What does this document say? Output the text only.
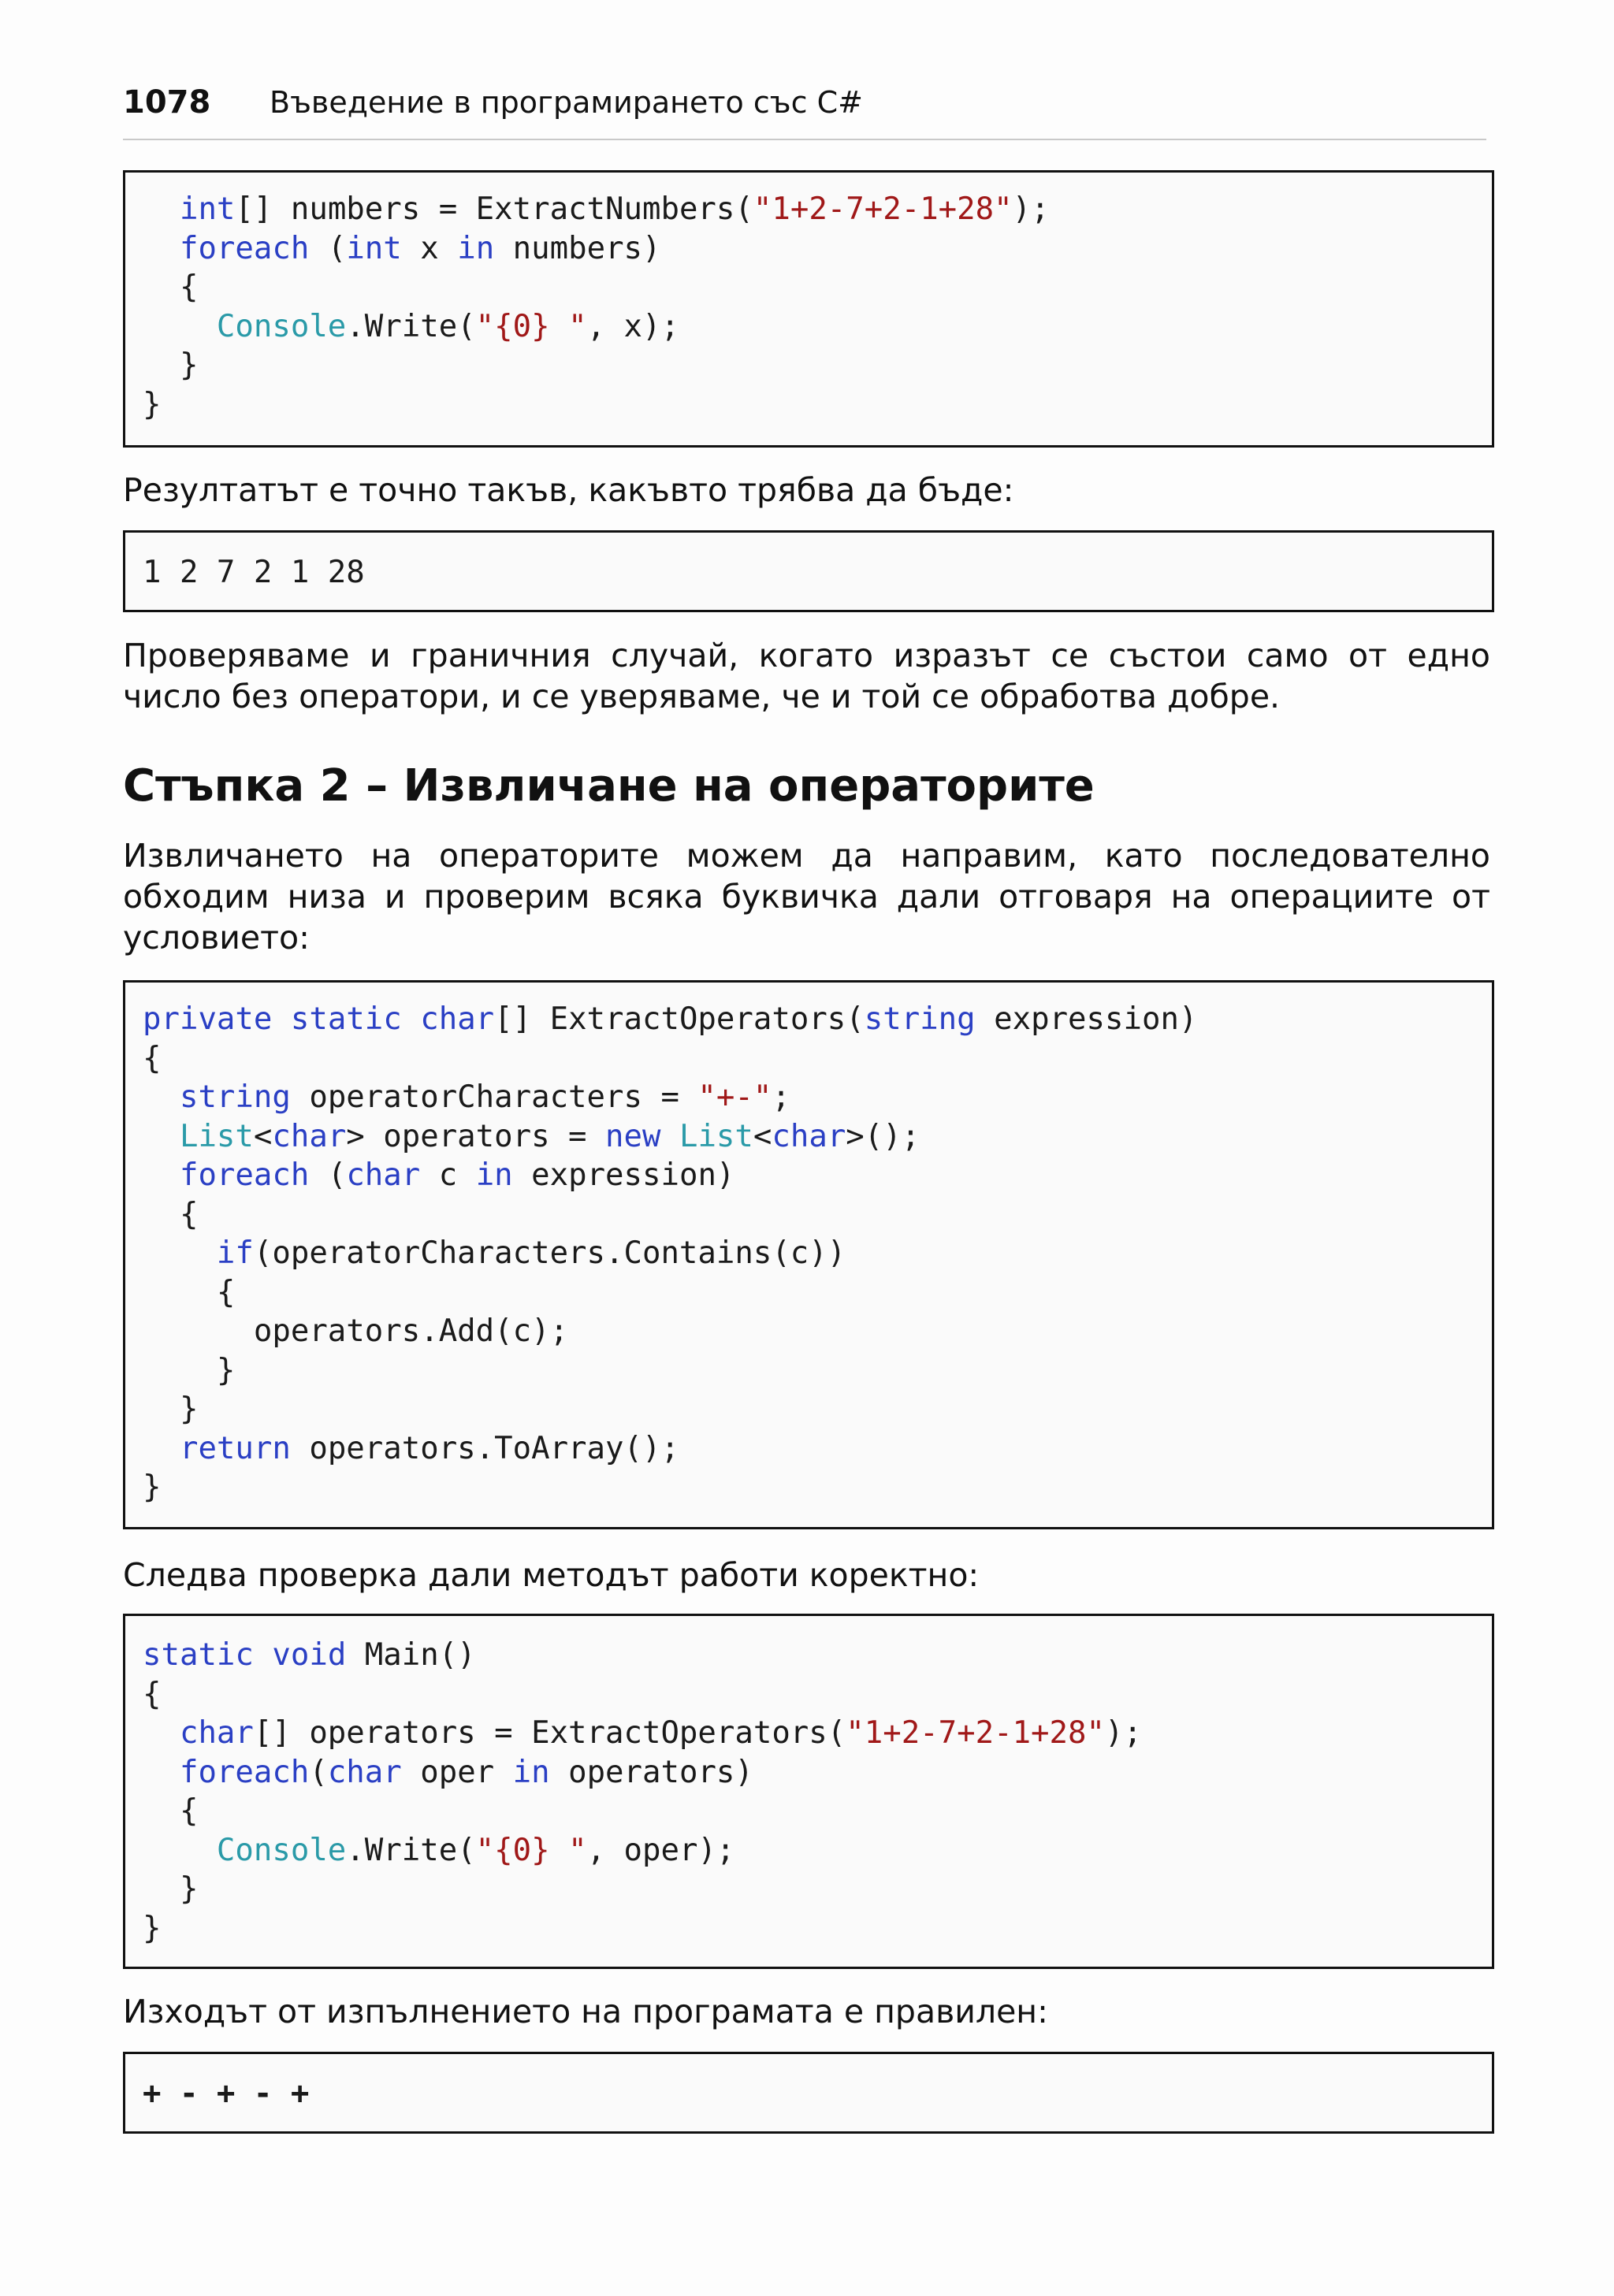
1078 Въведение в програмирането със C#
int[] numbers = ExtractNumbers("1+2-7+2-1+28");
foreach (int x in numbers)
{
Console.Write("{0} ", x);
}
}

Резултатът е точно такъв, какъвто трябва да бъде:

1 2 7 2 1 28

Проверяваме и граничния случай, когато изразът се състои само от едно число без оператори, и се уверяваме, че и той се обработва добре.

Стъпка 2 – Извличане на операторите

Извличането на операторите можем да направим, като последователно обходим низа и проверим всяка буквичка дали отговаря на операциите от условието:

private static char[] ExtractOperators(string expression)
{
string operatorCharacters = "+-";
List<char> operators = new List<char>();
foreach (char c in expression)
{
if(operatorCharacters.Contains(c))
{
operators.Add(c);
}
}
return operators.ToArray();
}

Следва проверка дали методът работи коректно:

static void Main()
{
char[] operators = ExtractOperators("1+2-7+2-1+28");
foreach(char oper in operators)
{
Console.Write("{0} ", oper);
}
}

Изходът от изпълнението на програмата е правилен:

+ - + - +
